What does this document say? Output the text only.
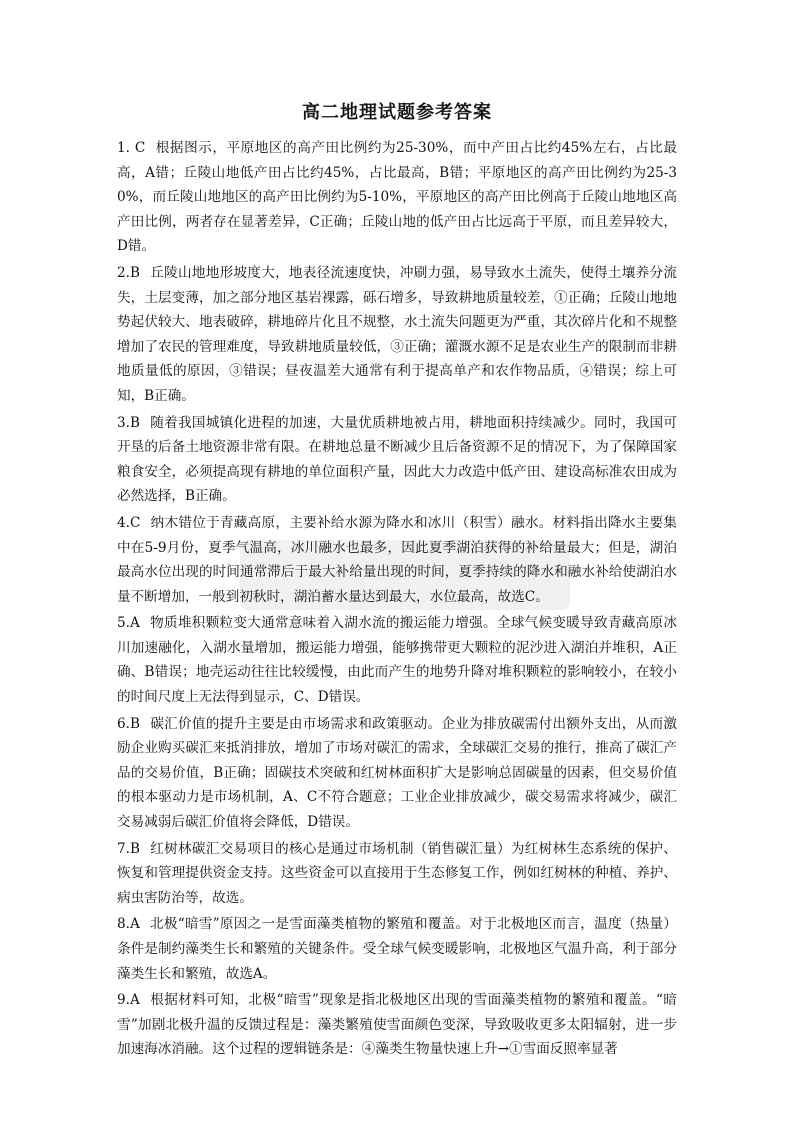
高二地理试题参考答案

1. C 根据图示，平原地区的高产田比例约为25-30%，而中产田占比约45%左右，占比最高，A错；丘陵山地低产田占比约45%，占比最高，B错；平原地区的高产田比例约为25-30%，而丘陵山地地区的高产田比例约为5-10%，平原地区的高产田比例高于丘陵山地地区高产田比例，两者存在显著差异，C正确；丘陵山地的低产田占比远高于平原，而且差异较大，D错。

2.B 丘陵山地地形坡度大，地表径流速度快，冲刷力强，易导致水土流失，使得土壤养分流失，土层变薄，加之部分地区基岩裸露，砾石增多，导致耕地质量较差，①正确；丘陵山地地势起伏较大、地表破碎，耕地碎片化且不规整，水土流失问题更为严重，其次碎片化和不规整增加了农民的管理难度，导致耕地质量较低，③正确；灌溉水源不足是农业生产的限制而非耕地质量低的原因，③错误；昼夜温差大通常有利于提高单产和农作物品质，④错误；综上可知，B正确。

3.B 随着我国城镇化进程的加速，大量优质耕地被占用，耕地面积持续减少。同时，我国可开垦的后备土地资源非常有限。在耕地总量不断减少且后备资源不足的情况下，为了保障国家粮食安全，必须提高现有耕地的单位面积产量，因此大力改造中低产田、建设高标准农田成为必然选择，B正确。

4.C 纳木错位于青藏高原，主要补给水源为降水和冰川（积雪）融水。材料指出降水主要集中在5-9月份，夏季气温高，冰川融水也最多，因此夏季湖泊获得的补给量最大；但是，湖泊最高水位出现的时间通常滞后于最大补给量出现的时间，夏季持续的降水和融水补给使湖泊水量不断增加，一般到初秋时，湖泊蓄水量达到最大，水位最高，故选C。

5.A 物质堆积颗粒变大通常意味着入湖水流的搬运能力增强。全球气候变暖导致青藏高原冰川加速融化，入湖水量增加，搬运能力增强，能够携带更大颗粒的泥沙进入湖泊并堆积，A正确、B错误；地壳运动往往比较缓慢，由此而产生的地势升降对堆积颗粒的影响较小，在较小的时间尺度上无法得到显示，C、D错误。

6.B 碳汇价值的提升主要是由市场需求和政策驱动。企业为排放碳需付出额外支出，从而激励企业购买碳汇来抵消排放，增加了市场对碳汇的需求，全球碳汇交易的推行，推高了碳汇产品的交易价值，B正确；固碳技术突破和红树林面积扩大是影响总固碳量的因素，但交易价值的根本驱动力是市场机制，A、C不符合题意；工业企业排放减少，碳交易需求将减少，碳汇交易减弱后碳汇价值将会降低，D错误。

7.B 红树林碳汇交易项目的核心是通过市场机制（销售碳汇量）为红树林生态系统的保护、恢复和管理提供资金支持。这些资金可以直接用于生态修复工作，例如红树林的种植、养护、病虫害防治等，故选。

8.A 北极“暗雪”原因之一是雪面藻类植物的繁殖和覆盖。对于北极地区而言，温度（热量）条件是制约藻类生长和繁殖的关键条件。受全球气候变暖影响，北极地区气温升高，利于部分藻类生长和繁殖，故选A。

9.A 根据材料可知，北极“暗雪”现象是指北极地区出现的雪面藻类植物的繁殖和覆盖。“暗雪”加剧北极升温的反馈过程是：藻类繁殖使雪面颜色变深，导致吸收更多太阳辐射，进一步加速海冰消融。这个过程的逻辑链条是：④藻类生物量快速上升→①雪面反照率显著
